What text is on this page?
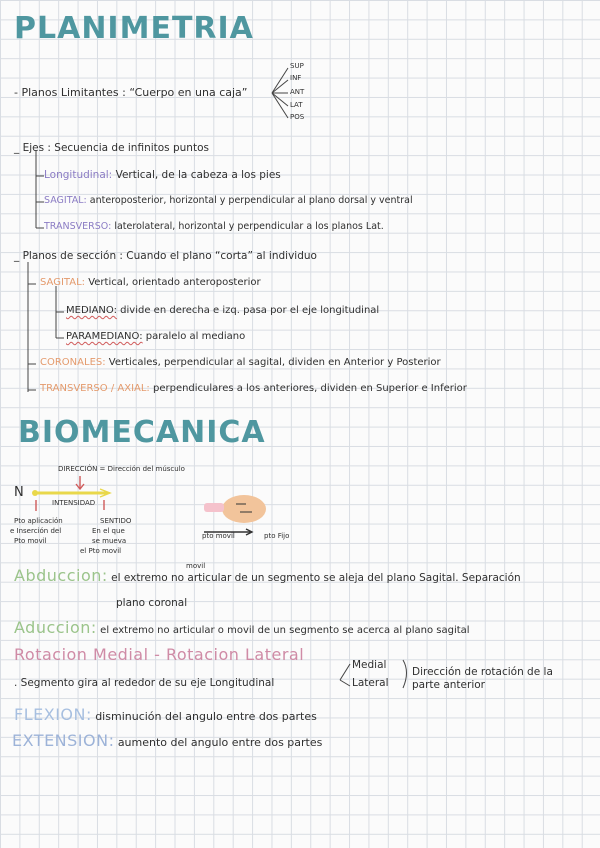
PLANIMETRIA
BIOMECANICA
- Planos Limitantes : “Cuerpo en una caja”
SUP
INF
ANT
LAT
POS
_ Ejes : Secuencia de infinitos puntos
Longitudinal: Vertical, de la cabeza a los pies
SAGITAL: anteroposterior, horizontal y perpendicular al plano dorsal y ventral
TRANSVERSO: laterolateral, horizontal y perpendicular a los planos Lat.
_ Planos de sección : Cuando el plano “corta” al individuo
SAGITAL: Vertical, orientado anteroposterior
MEDIANO: divide en derecha e izq. pasa por el eje longitudinal
PARAMEDIANO: paralelo al mediano
CORONALES: Verticales, perpendicular al sagital, dividen en Anterior y Posterior
TRANSVERSO / AXIAL: perpendiculares a los anteriores, dividen en Superior e Inferior
DIRECCIÓN = Dirección del músculo
N
INTENSIDAD
Pto aplicación
e Inserción del
Pto movil
SENTIDO
En el que
se mueva
el Pto movil
pto movil	pto Fijo
movil
Abduccion: el extremo no articular de un segmento se aleja del plano Sagital. Separación
plano coronal
Aduccion: el extremo no articular o movil de un segmento se acerca al plano sagital
Rotacion Medial - Rotacion Lateral
. Segmento gira al rededor de su eje Longitudinal
Medial
Lateral
Dirección de rotación de la
parte anterior
FLEXION: disminución del angulo entre dos partes
EXTENSION: aumento del angulo entre dos partes
